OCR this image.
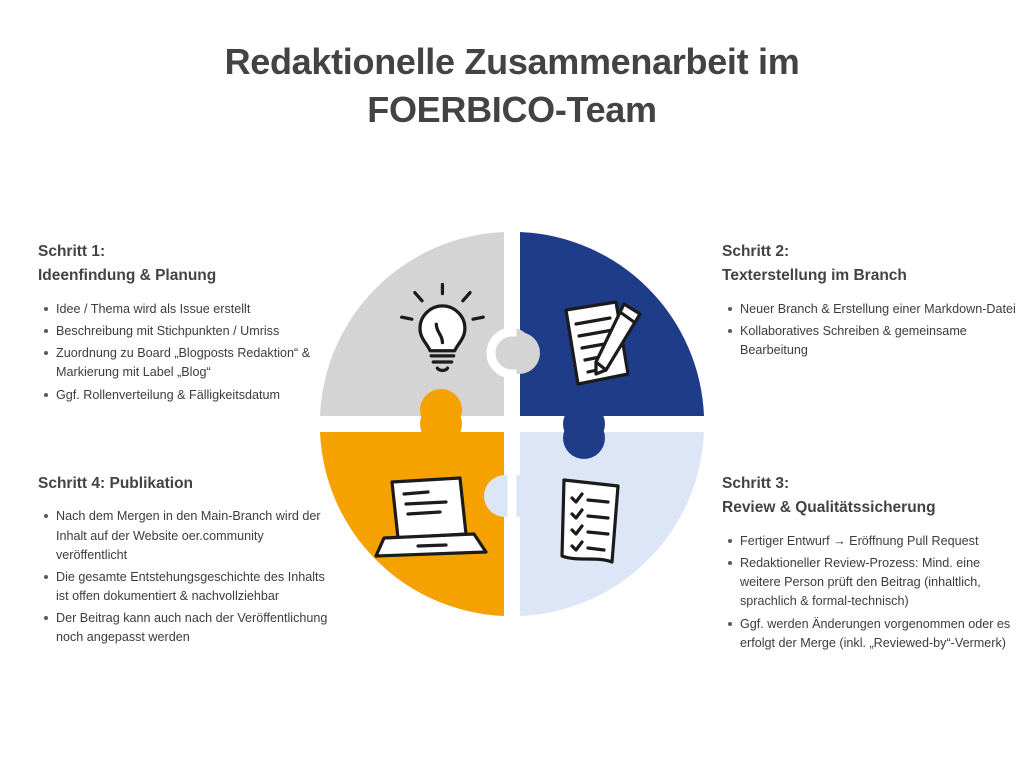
Redaktionelle Zusammenarbeit im
FOERBICO-Team
Schritt 1:
Ideenfindung & Planung
Idee / Thema wird als Issue erstellt
Beschreibung mit Stichpunkten / Umriss
Zuordnung zu Board „Blogposts Redaktion“ & Markierung mit Label „Blog“
Ggf. Rollenverteilung & Fälligkeitsdatum
Schritt 2:
Texterstellung im Branch
Neuer Branch & Erstellung einer Markdown-Datei
Kollaboratives Schreiben & gemeinsame Bearbeitung
Schritt 3:
Review & Qualitätssicherung
Fertiger Entwurf → Eröffnung Pull Request
Redaktioneller Review-Prozess: Mind. eine weitere Person prüft den Beitrag (inhaltlich, sprachlich & formal-technisch)
Ggf. werden Änderungen vorgenommen oder es erfolgt der Merge (inkl. „Reviewed-by“-Vermerk)
Schritt 4: Publikation
Nach dem Mergen in den Main-Branch wird der Inhalt auf der Website oer.community veröffentlicht
Die gesamte Entstehungsgeschichte des Inhalts ist offen dokumentiert & nachvollziehbar
Der Beitrag kann auch nach der Veröffentlichung noch angepasst werden
